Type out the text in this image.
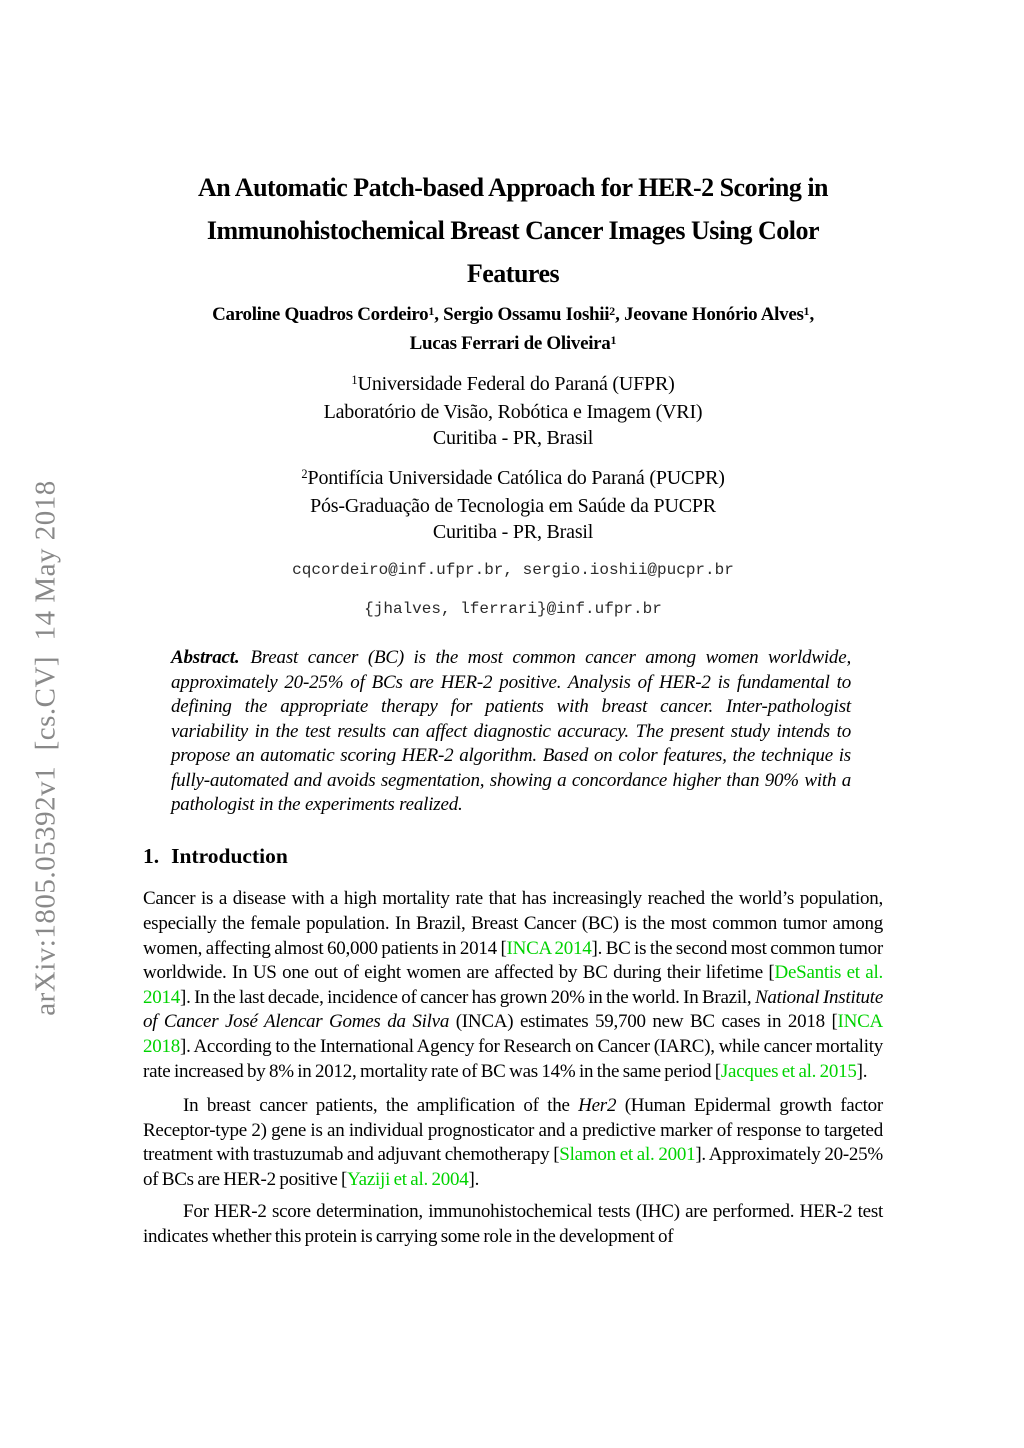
arXiv:1805.05392v1  [cs.CV]  14 May 2018
An Automatic Patch-based Approach for HER-2 Scoring in
Immunohistochemical Breast Cancer Images Using Color
Features
Caroline Quadros Cordeiro$^1$, Sergio Ossamu Ioshii$^2$, Jeovane Honório Alves$^1$,
Lucas Ferrari de Oliveira$^1$
$^1$Universidade Federal do Paraná (UFPR)
Laboratório de Visão, Robótica e Imagem (VRI)
Curitiba - PR, Brasil
$^2$Pontifícia Universidade Católica do Paraná (PUCPR)
Pós-Graduação de Tecnologia em Saúde da PUCPR
Curitiba - PR, Brasil
cqcordeiro@inf.ufpr.br, sergio.ioshii@pucpr.br
{jhalves, lferrari}@inf.ufpr.br

Abstract. Breast cancer (BC) is the most common cancer among women worldwide, approximately 20-25% of BCs are HER-2 positive. Analysis of HER-2 is fundamental to defining the appropriate therapy for patients with breast cancer. Inter-pathologist variability in the test results can affect diagnostic accuracy. The present study intends to propose an automatic scoring HER-2 algorithm. Based on color features, the technique is fully-automated and avoids segmentation, showing a concordance higher than 90% with a pathologist in the experiments realized.

1. Introduction

Cancer is a disease with a high mortality rate that has increasingly reached the world’s population, especially the female population. In Brazil, Breast Cancer (BC) is the most common tumor among women, affecting almost 60,000 patients in 2014 [INCA 2014]. BC is the second most common tumor worldwide. In US one out of eight women are affected by BC during their lifetime [DeSantis et al. 2014]. In the last decade, incidence of cancer has grown 20% in the world. In Brazil, National Institute of Cancer José Alencar Gomes da Silva (INCA) estimates 59,700 new BC cases in 2018 [INCA 2018]. According to the International Agency for Research on Cancer (IARC), while cancer mortality rate increased by 8% in 2012, mortality rate of BC was 14% in the same period [Jacques et al. 2015].

In breast cancer patients, the amplification of the Her2 (Human Epidermal growth factor Receptor-type 2) gene is an individual prognosticator and a predictive marker of response to targeted treatment with trastuzumab and adjuvant chemotherapy [Slamon et al. 2001]. Approximately 20-25% of BCs are HER-2 positive [Yaziji et al. 2004].

For HER-2 score determination, immunohistochemical tests (IHC) are performed. HER-2 test indicates whether this protein is carrying some role in the development of
